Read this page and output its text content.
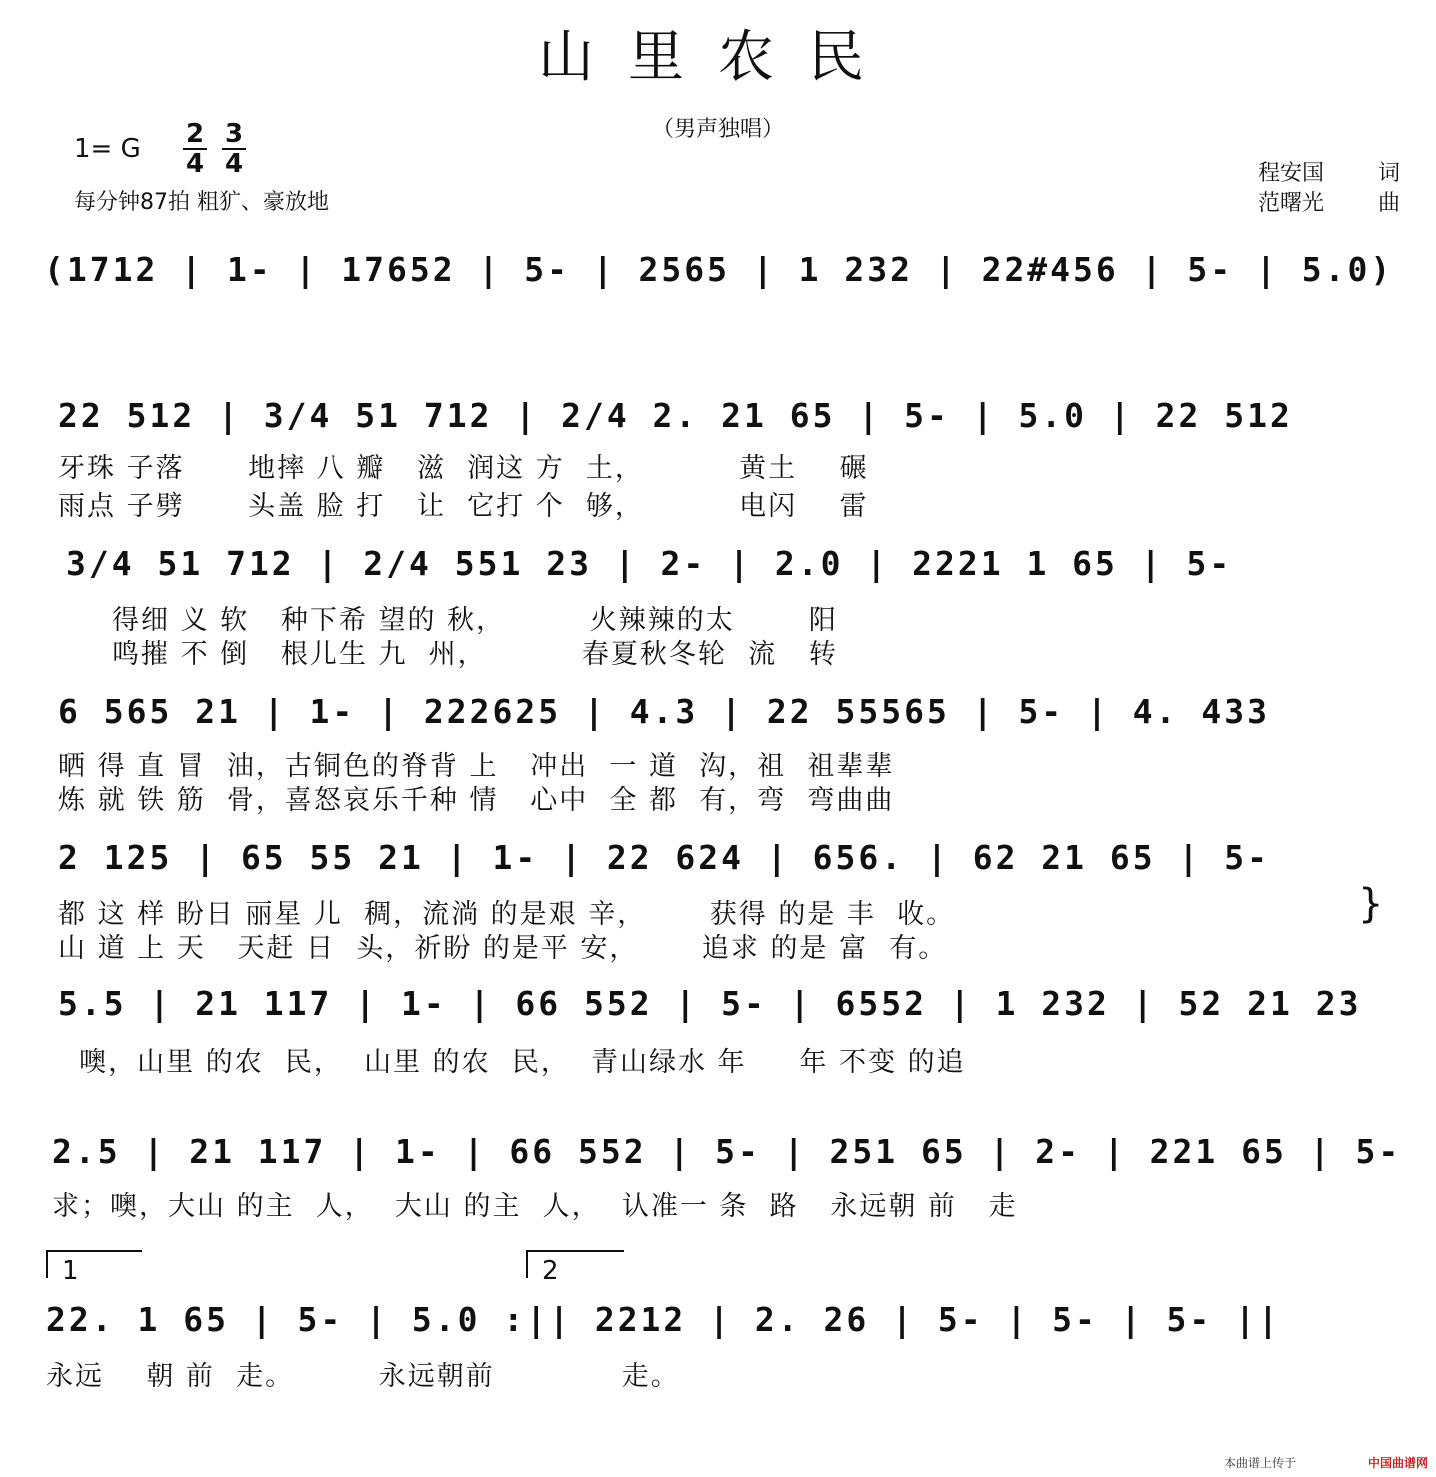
山里农民
（男声独唱）
1= G 2
4
3
4
每分钟87拍 粗犷、豪放地
程安国 词
范曙光 曲
(1712 | 1- | 17652 | 5- | 2565 | 1 232 | 22#456 | 5- | 5.0)
22 512 | 3/4 51 712 | 2/4 2. 21 65 | 5- | 5.0 | 22 512
牙珠 子落      地摔 八 瓣   滋  润这 方  土，         黄土    碾
雨点 子劈      头盖 脸 打   让  它打 个  够，         电闪    雷
3/4 51 712 | 2/4 551 23 | 2- | 2.0 | 2221 1 65 | 5-
得细 义 软   种下希 望的 秋，        火辣辣的太       阳
鸣摧 不 倒   根儿生 九  州，         春夏秋冬轮  流   转
6 565 21 | 1- | 222625 | 4.3 | 22 55565 | 5- | 4. 433
晒 得 直 冒  油，古铜色的脊背 上   冲出  一 道  沟，祖  祖辈辈
炼 就 铁 筋  骨，喜怒哀乐千种 情   心中  全 都  有，弯  弯曲曲
2 125 | 65 55 21 | 1- | 22 624 | 656. | 62 21 65 | 5-
都 这 样 盼日 丽星 儿  稠，流淌 的是艰 辛，      获得 的是 丰  收。
山 道 上 天   天赶 日  头，祈盼 的是平 安，      追求 的是 富  有。
}
5.5 | 21 117 | 1- | 66 552 | 5- | 6552 | 1 232 | 52 21 23
噢，山里 的农  民，  山里 的农  民，  青山绿水 年     年 不变 的追
2.5 | 21 117 | 1- | 66 552 | 5- | 251 65 | 2- | 221 65 | 5-
求；噢，大山 的主  人，  大山 的主  人，  认准一 条  路   永远朝 前   走
1	2
22. 1 65 | 5- | 5.0 :|| 2212 | 2. 26 | 5- | 5- | 5- ||
永远    朝 前  走。        永远朝前            走。
本曲谱上传于	中国曲谱网
